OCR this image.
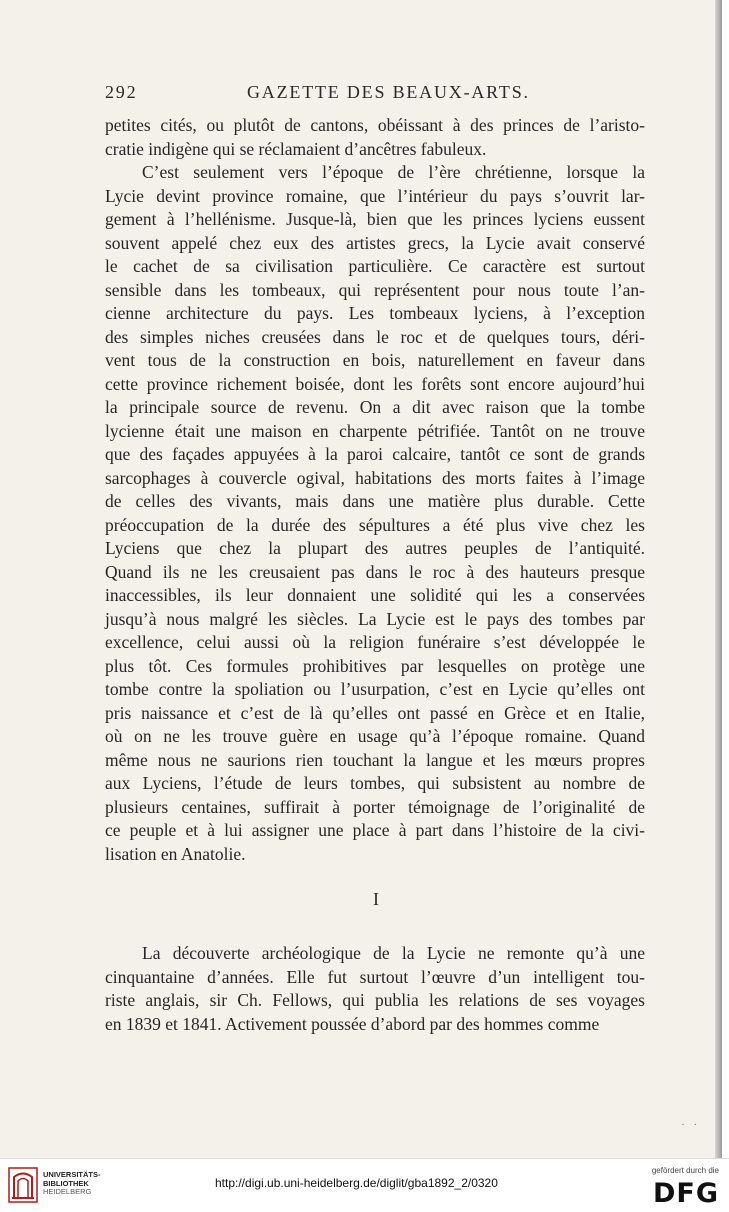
292	GAZETTE DES BEAUX-ARTS.
petites cités, ou plutôt de cantons, obéissant à des princes de l’aristo-
cratie indigène qui se réclamaient d’ancêtres fabuleux.
C’est seulement vers l’époque de l’ère chrétienne, lorsque la
Lycie devint province romaine, que l’intérieur du pays s’ouvrit lar-
gement à l’hellénisme. Jusque-là, bien que les princes lyciens eussent
souvent appelé chez eux des artistes grecs, la Lycie avait conservé
le cachet de sa civilisation particulière. Ce caractère est surtout
sensible dans les tombeaux, qui représentent pour nous toute l’an-
cienne architecture du pays. Les tombeaux lyciens, à l’exception
des simples niches creusées dans le roc et de quelques tours, déri-
vent tous de la construction en bois, naturellement en faveur dans
cette province richement boisée, dont les forêts sont encore aujourd’hui
la principale source de revenu. On a dit avec raison que la tombe
lycienne était une maison en charpente pétrifiée. Tantôt on ne trouve
que des façades appuyées à la paroi calcaire, tantôt ce sont de grands
sarcophages à couvercle ogival, habitations des morts faites à l’image
de celles des vivants, mais dans une matière plus durable. Cette
préoccupation de la durée des sépultures a été plus vive chez les
Lyciens que chez la plupart des autres peuples de l’antiquité.
Quand ils ne les creusaient pas dans le roc à des hauteurs presque
inaccessibles, ils leur donnaient une solidité qui les a conservées
jusqu’à nous malgré les siècles. La Lycie est le pays des tombes par
excellence, celui aussi où la religion funéraire s’est développée le
plus tôt. Ces formules prohibitives par lesquelles on protège une
tombe contre la spoliation ou l’usurpation, c’est en Lycie qu’elles ont
pris naissance et c’est de là qu’elles ont passé en Grèce et en Italie,
où on ne les trouve guère en usage qu’à l’époque romaine. Quand
même nous ne saurions rien touchant la langue et les mœurs propres
aux Lyciens, l’étude de leurs tombes, qui subsistent au nombre de
plusieurs centaines, suffirait à porter témoignage de l’originalité de
ce peuple et à lui assigner une place à part dans l’histoire de la civi-
lisation en Anatolie.
I
La découverte archéologique de la Lycie ne remonte qu’à une
cinquantaine d’années. Elle fut surtout l’œuvre d’un intelligent tou-
riste anglais, sir Ch. Fellows, qui publia les relations de ses voyages
en 1839 et 1841. Activement poussée d’abord par des hommes comme
· ·
UNIVERSITÄTS-
BIBLIOTHEK
HEIDELBERG
http://digi.ub.uni-heidelberg.de/diglit/gba1892_2/0320
gefördert durch die
DFG
